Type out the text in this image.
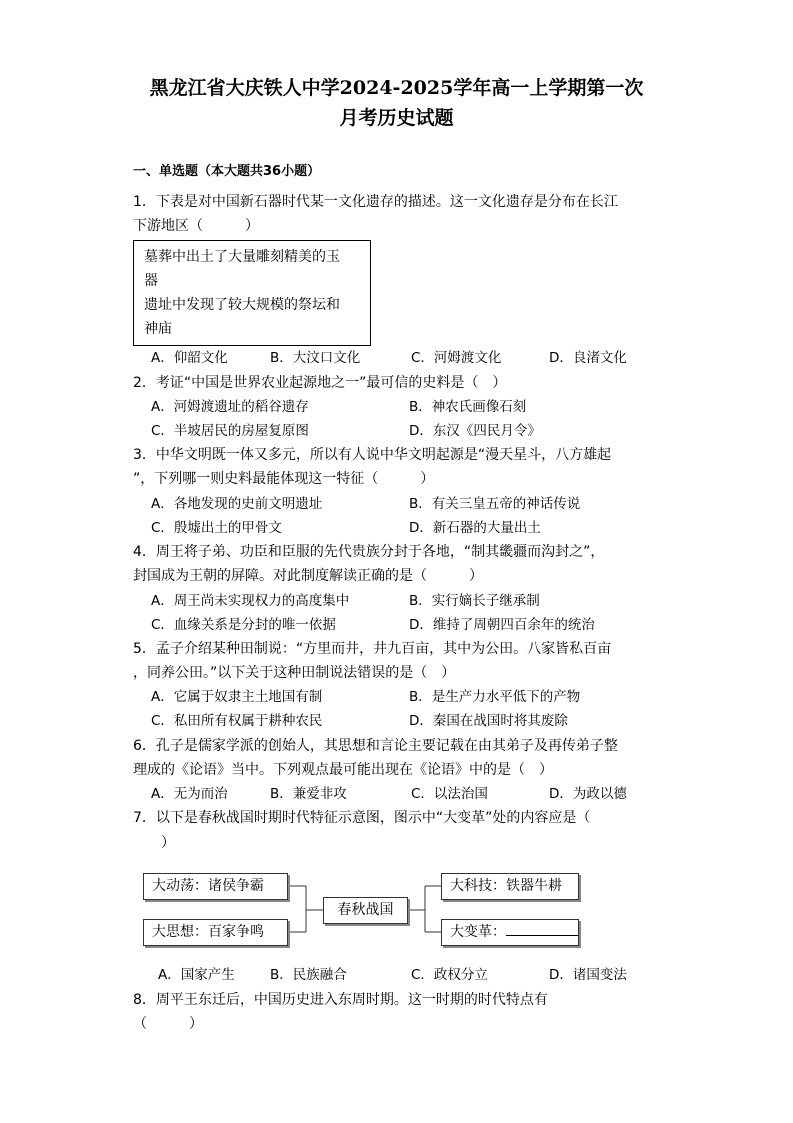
黑龙江省大庆铁人中学2024-2025学年高一上学期第一次
月考历史试题
一、单选题（本大题共36小题）
1．下表是对中国新石器时代某一文化遗存的描述。这一文化遗存是分布在长江
下游地区（　　　）
墓葬中出土了大量雕刻精美的玉
器
遗址中发现了较大规模的祭坛和
神庙
A．仰韶文化	B．大汶口文化	C．河姆渡文化	D．良渚文化
2．考证“中国是世界农业起源地之一”最可信的史料是（　）
A．河姆渡遗址的稻谷遗存	B．神农氏画像石刻
C．半坡居民的房屋复原图	D．东汉《四民月令》
3．中华文明既一体又多元，所以有人说中华文明起源是“漫天星斗，八方雄起
”，下列哪一则史料最能体现这一特征（　　　）
A．各地发现的史前文明遗址	B．有关三皇五帝的神话传说
C．殷墟出土的甲骨文	D．新石器的大量出土
4．周王将子弟、功臣和臣服的先代贵族分封于各地，“制其畿疆而沟封之”，
封国成为王朝的屏障。对此制度解读正确的是（　　　）
A．周王尚未实现权力的高度集中	B．实行嫡长子继承制
C．血缘关系是分封的唯一依据	D．维持了周朝四百余年的统治
5．孟子介绍某种田制说：“方里而井，井九百亩，其中为公田。八家皆私百亩
，同养公田。”以下关于这种田制说法错误的是（　）
A．它属于奴隶主土地国有制	B．是生产力水平低下的产物
C．私田所有权属于耕种农民	D．秦国在战国时将其废除
6．孔子是儒家学派的创始人，其思想和言论主要记载在由其弟子及再传弟子整
理成的《论语》当中。下列观点最可能出现在《论语》中的是（　）
A．无为而治	B．兼爱非攻	C．以法治国	D．为政以德
7．以下是春秋战国时期时代特征示意图，图示中“大变革”处的内容应是（
　　）
大动荡：诸侯争霸
大思想：百家争鸣
春秋战国
大科技：铁器牛耕
大变革：
A．国家产生	B．民族融合	C．政权分立	D．诸国变法
8．周平王东迁后，中国历史进入东周时期。这一时期的时代特点有
（　　　）
